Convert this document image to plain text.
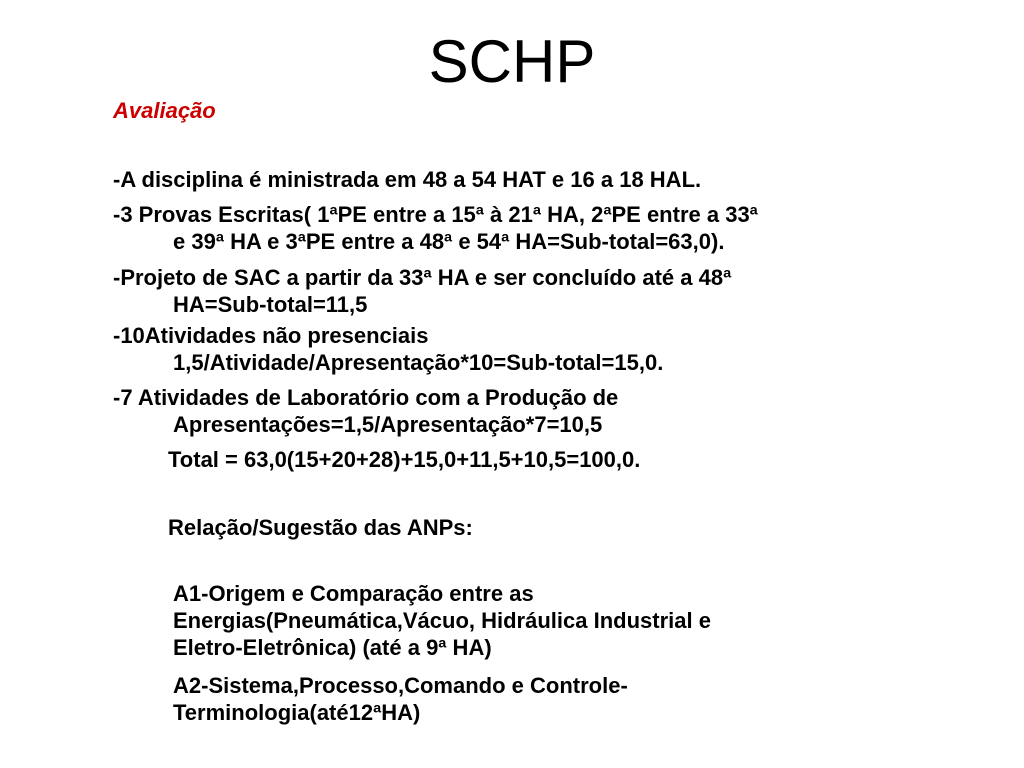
SCHP
Avaliação
-A disciplina é ministrada em 48 a 54 HAT e 16 a 18 HAL.
-3 Provas Escritas( 1ªPE entre a 15ª à 21ª HA, 2ªPE entre a 33ª
e 39ª HA e 3ªPE entre a 48ª e 54ª HA=Sub-total=63,0).
-Projeto de SAC a partir da 33ª HA e ser concluído até a 48ª
HA=Sub-total=11,5
-10Atividades não presenciais
1,5/Atividade/Apresentação*10=Sub-total=15,0.
-7 Atividades de Laboratório com a Produção de
Apresentações=1,5/Apresentação*7=10,5
Total = 63,0(15+20+28)+15,0+11,5+10,5=100,0.
Relação/Sugestão das ANPs:
A1-Origem e Comparação entre as
Energias(Pneumática,Vácuo, Hidráulica Industrial e
Eletro-Eletrônica) (até a 9ª HA)
A2-Sistema,Processo,Comando e Controle-
Terminologia(até12ªHA)
